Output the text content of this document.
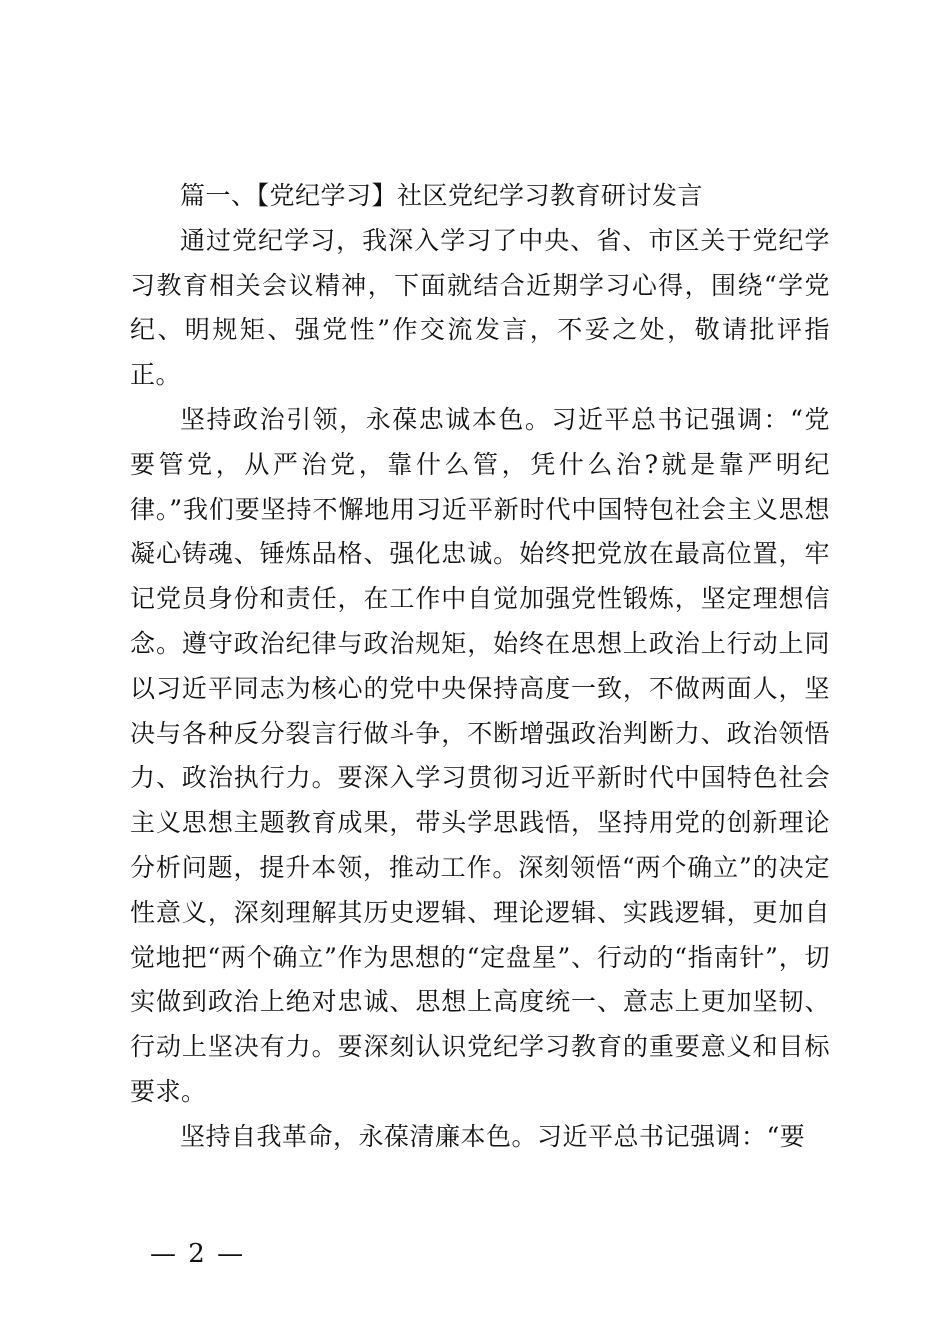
篇一、【党纪学习】社区党纪学习教育研讨发言

通过党纪学习，我深入学习了中央、省、市区关于党纪学习教育相关会议精神，下面就结合近期学习心得，围绕“学党纪、明规矩、强党性”作交流发言，不妥之处，敬请批评指正。

坚持政治引领，永葆忠诚本色。习近平总书记强调：“党要管党，从严治党，靠什么管，凭什么治?就是靠严明纪律。”我们要坚持不懈地用习近平新时代中国特包社会主义思想凝心铸魂、锤炼品格、强化忠诚。始终把党放在最高位置，牢记党员身份和责任，在工作中自觉加强党性锻炼，坚定理想信念。遵守政治纪律与政治规矩，始终在思想上政治上行动上同以习近平同志为核心的党中央保持高度一致，不做两面人，坚决与各种反分裂言行做斗争，不断增强政治判断力、政治领悟力、政治执行力。要深入学习贯彻习近平新时代中国特色社会主义思想主题教育成果，带头学思践悟，坚持用党的创新理论分析问题，提升本领，推动工作。深刻领悟“两个确立”的决定性意义，深刻理解其历史逻辑、理论逻辑、实践逻辑，更加自觉地把“两个确立”作为思想的“定盘星”、行动的“指南针”，切实做到政治上绝对忠诚、思想上高度统一、意志上更加坚韧、行动上坚决有力。要深刻认识党纪学习教育的重要意义和目标要求。

坚持自我革命，永葆清廉本色。习近平总书记强调：“要

— 2 —
